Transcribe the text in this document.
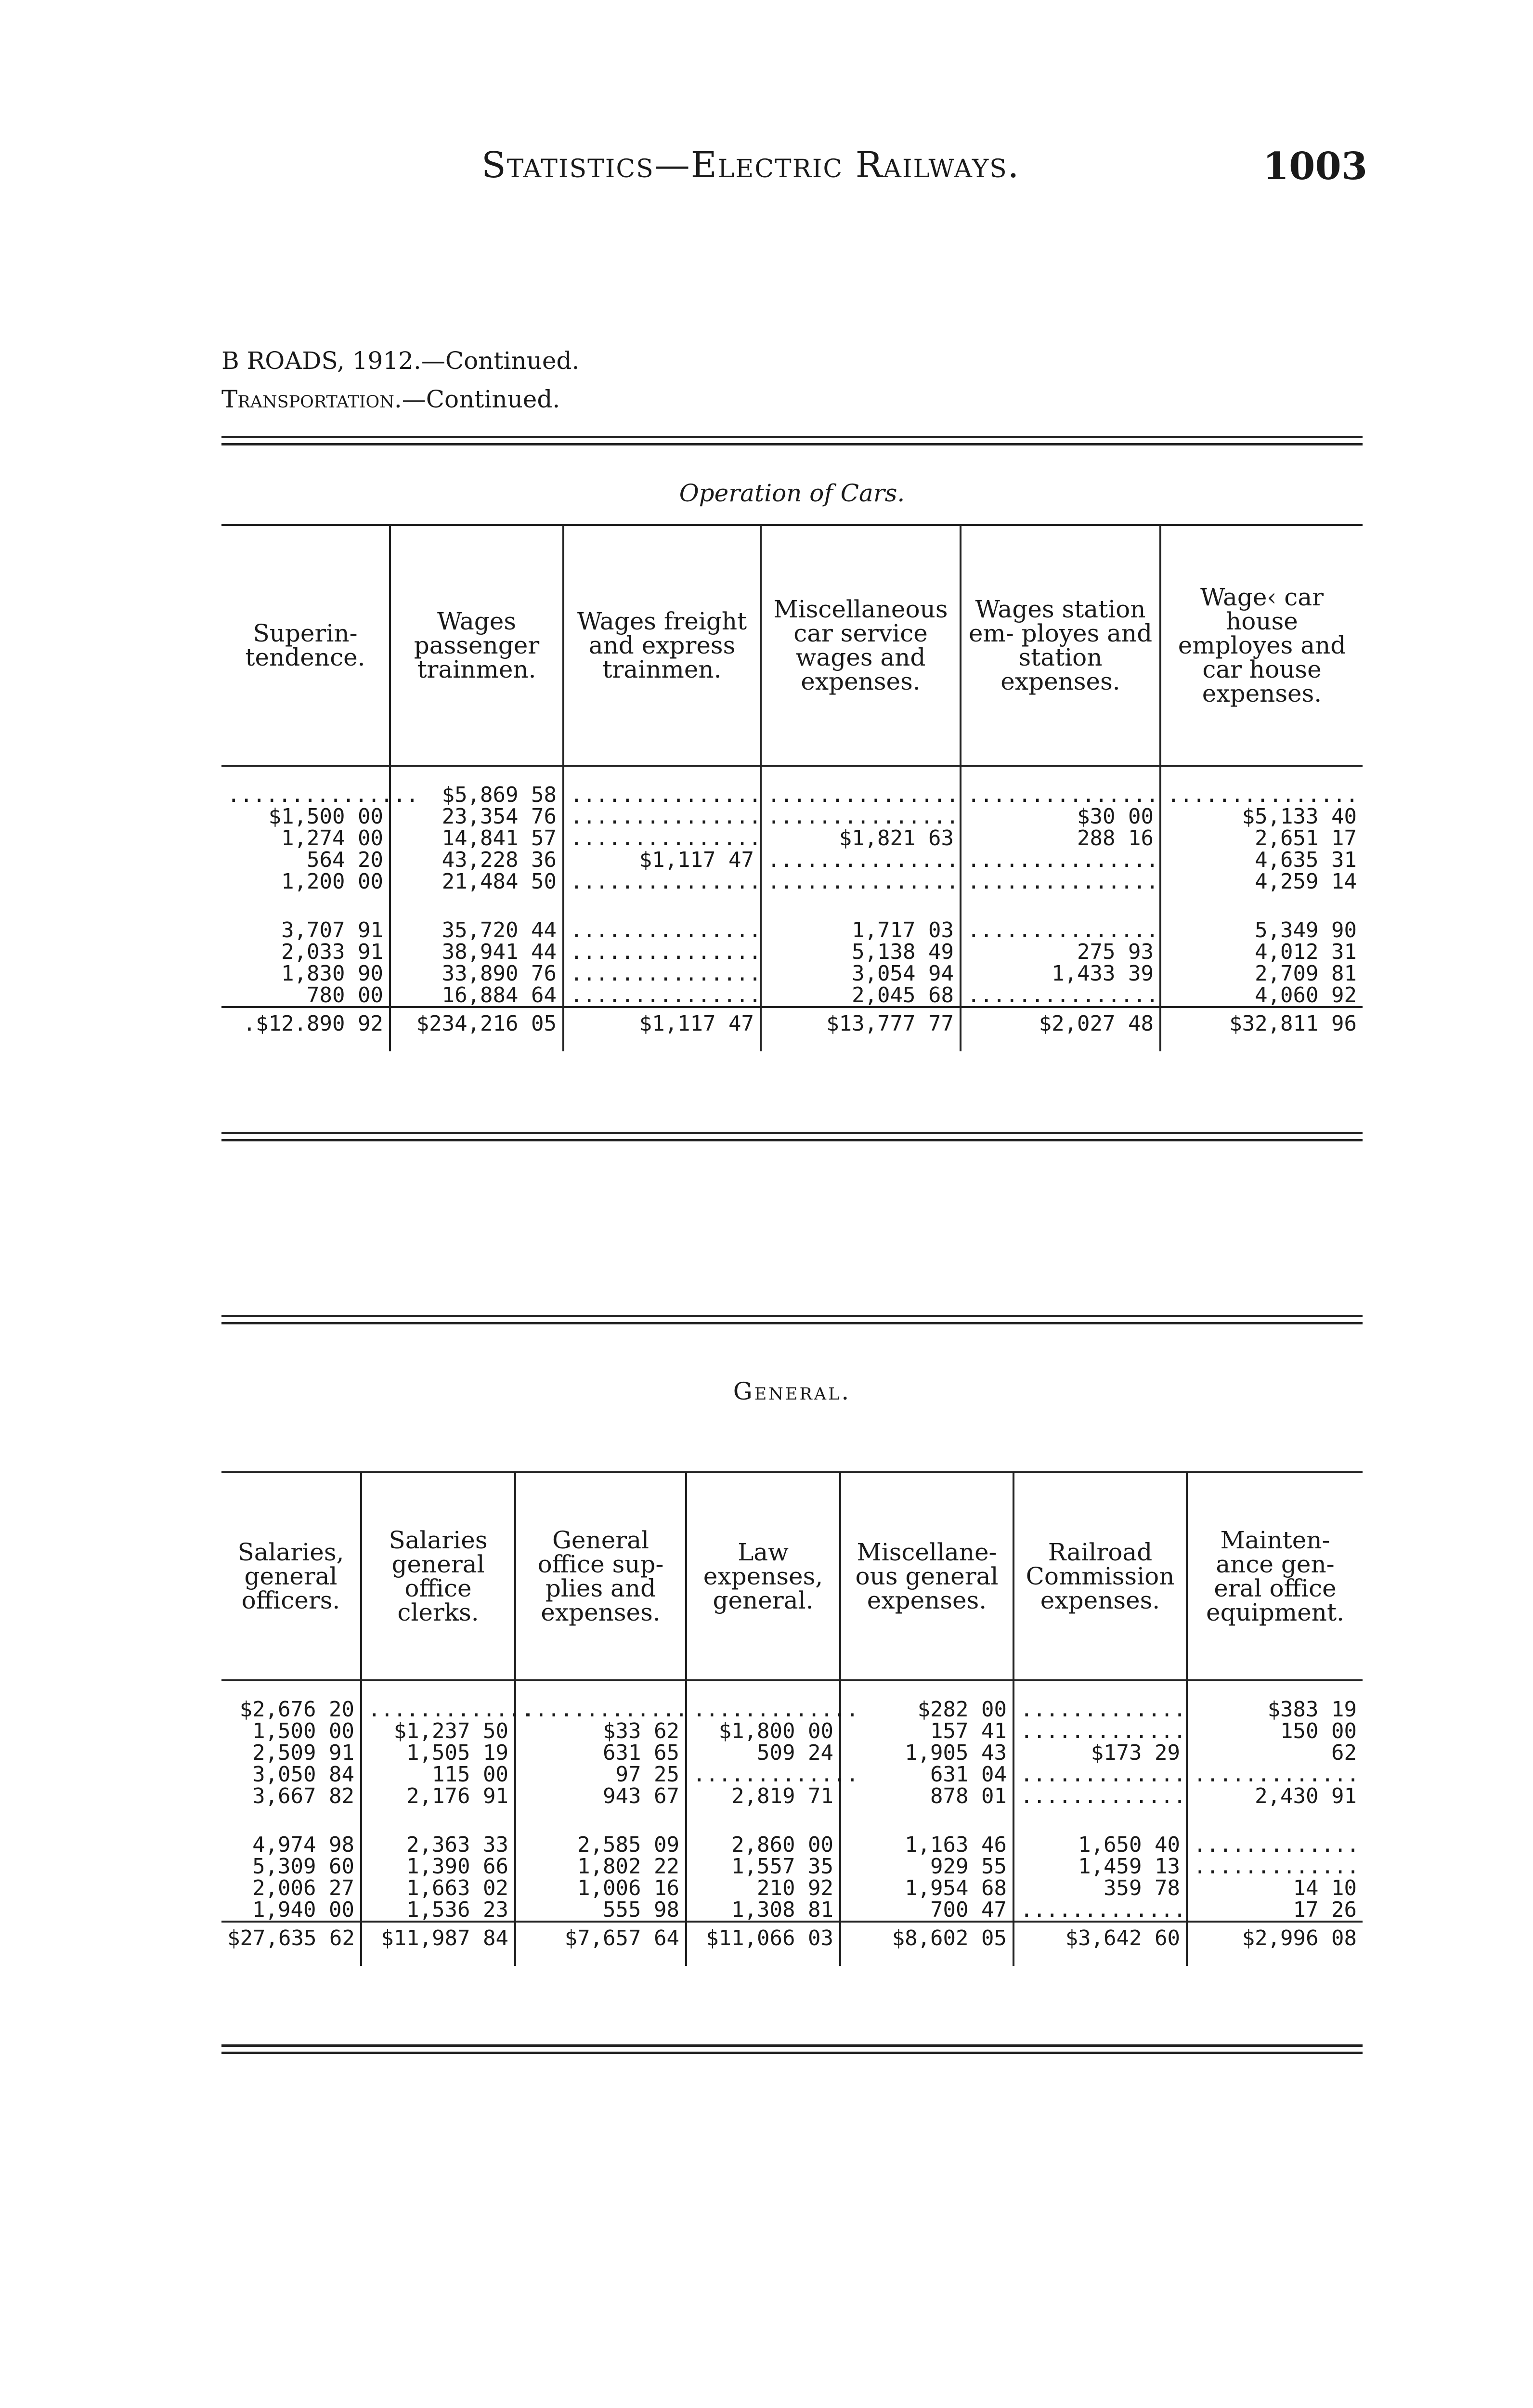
Statistics—Electric Railways.	1003
B ROADS, 1912.—Continued.
Transportation.—Continued.
Operation of Cars.
Superin- tendence.	Wages passenger trainmen.	Wages freight and express trainmen.	Miscellaneous car service wages and expenses.	Wages station em- ployes and station expenses.	Wage‹ car house employes and car house expenses.

...............	$5,869 58	...............	...............	...............	...............
$1,500 00	23,354 76	...............	...............	$30 00	$5,133 40
1,274 00	14,841 57	...............	$1,821 63	288 16	2,651 17
564 20	43,228 36	$1,117 47	...............	...............	4,635 31
1,200 00	21,484 50	...............	...............	...............	4,259 14

3,707 91	35,720 44	...............	1,717 03	...............	5,349 90
2,033 91	38,941 44	...............	5,138 49	275 93	4,012 31
1,830 90	33,890 76	...............	3,054 94	1,433 39	2,709 81
780 00	16,884 64	...............	2,045 68	...............	4,060 92
.$12.890 92	$234,216 05	$1,117 47	$13,777 77	$2,027 48	$32,811 96
General.
Salaries, general officers.	Salaries general office clerks.	General office sup- plies and expenses.	Law expenses, general.	Miscellane- ous general expenses.	Railroad Commission expenses.	Mainten- ance gen- eral office equipment.

$2,676 20	.............	.............	.............	$282 00	.............	$383 19
1,500 00	$1,237 50	$33 62	$1,800 00	157 41	.............	150 00
2,509 91	1,505 19	631 65	509 24	1,905 43	$173 29	62
3,050 84	115 00	97 25	.............	631 04	.............	.............
3,667 82	2,176 91	943 67	2,819 71	878 01	.............	2,430 91

4,974 98	2,363 33	2,585 09	2,860 00	1,163 46	1,650 40	.............
5,309 60	1,390 66	1,802 22	1,557 35	929 55	1,459 13	.............
2,006 27	1,663 02	1,006 16	210 92	1,954 68	359 78	14 10
1,940 00	1,536 23	555 98	1,308 81	700 47	.............	17 26
$27,635 62	$11,987 84	$7,657 64	$11,066 03	$8,602 05	$3,642 60	$2,996 08
